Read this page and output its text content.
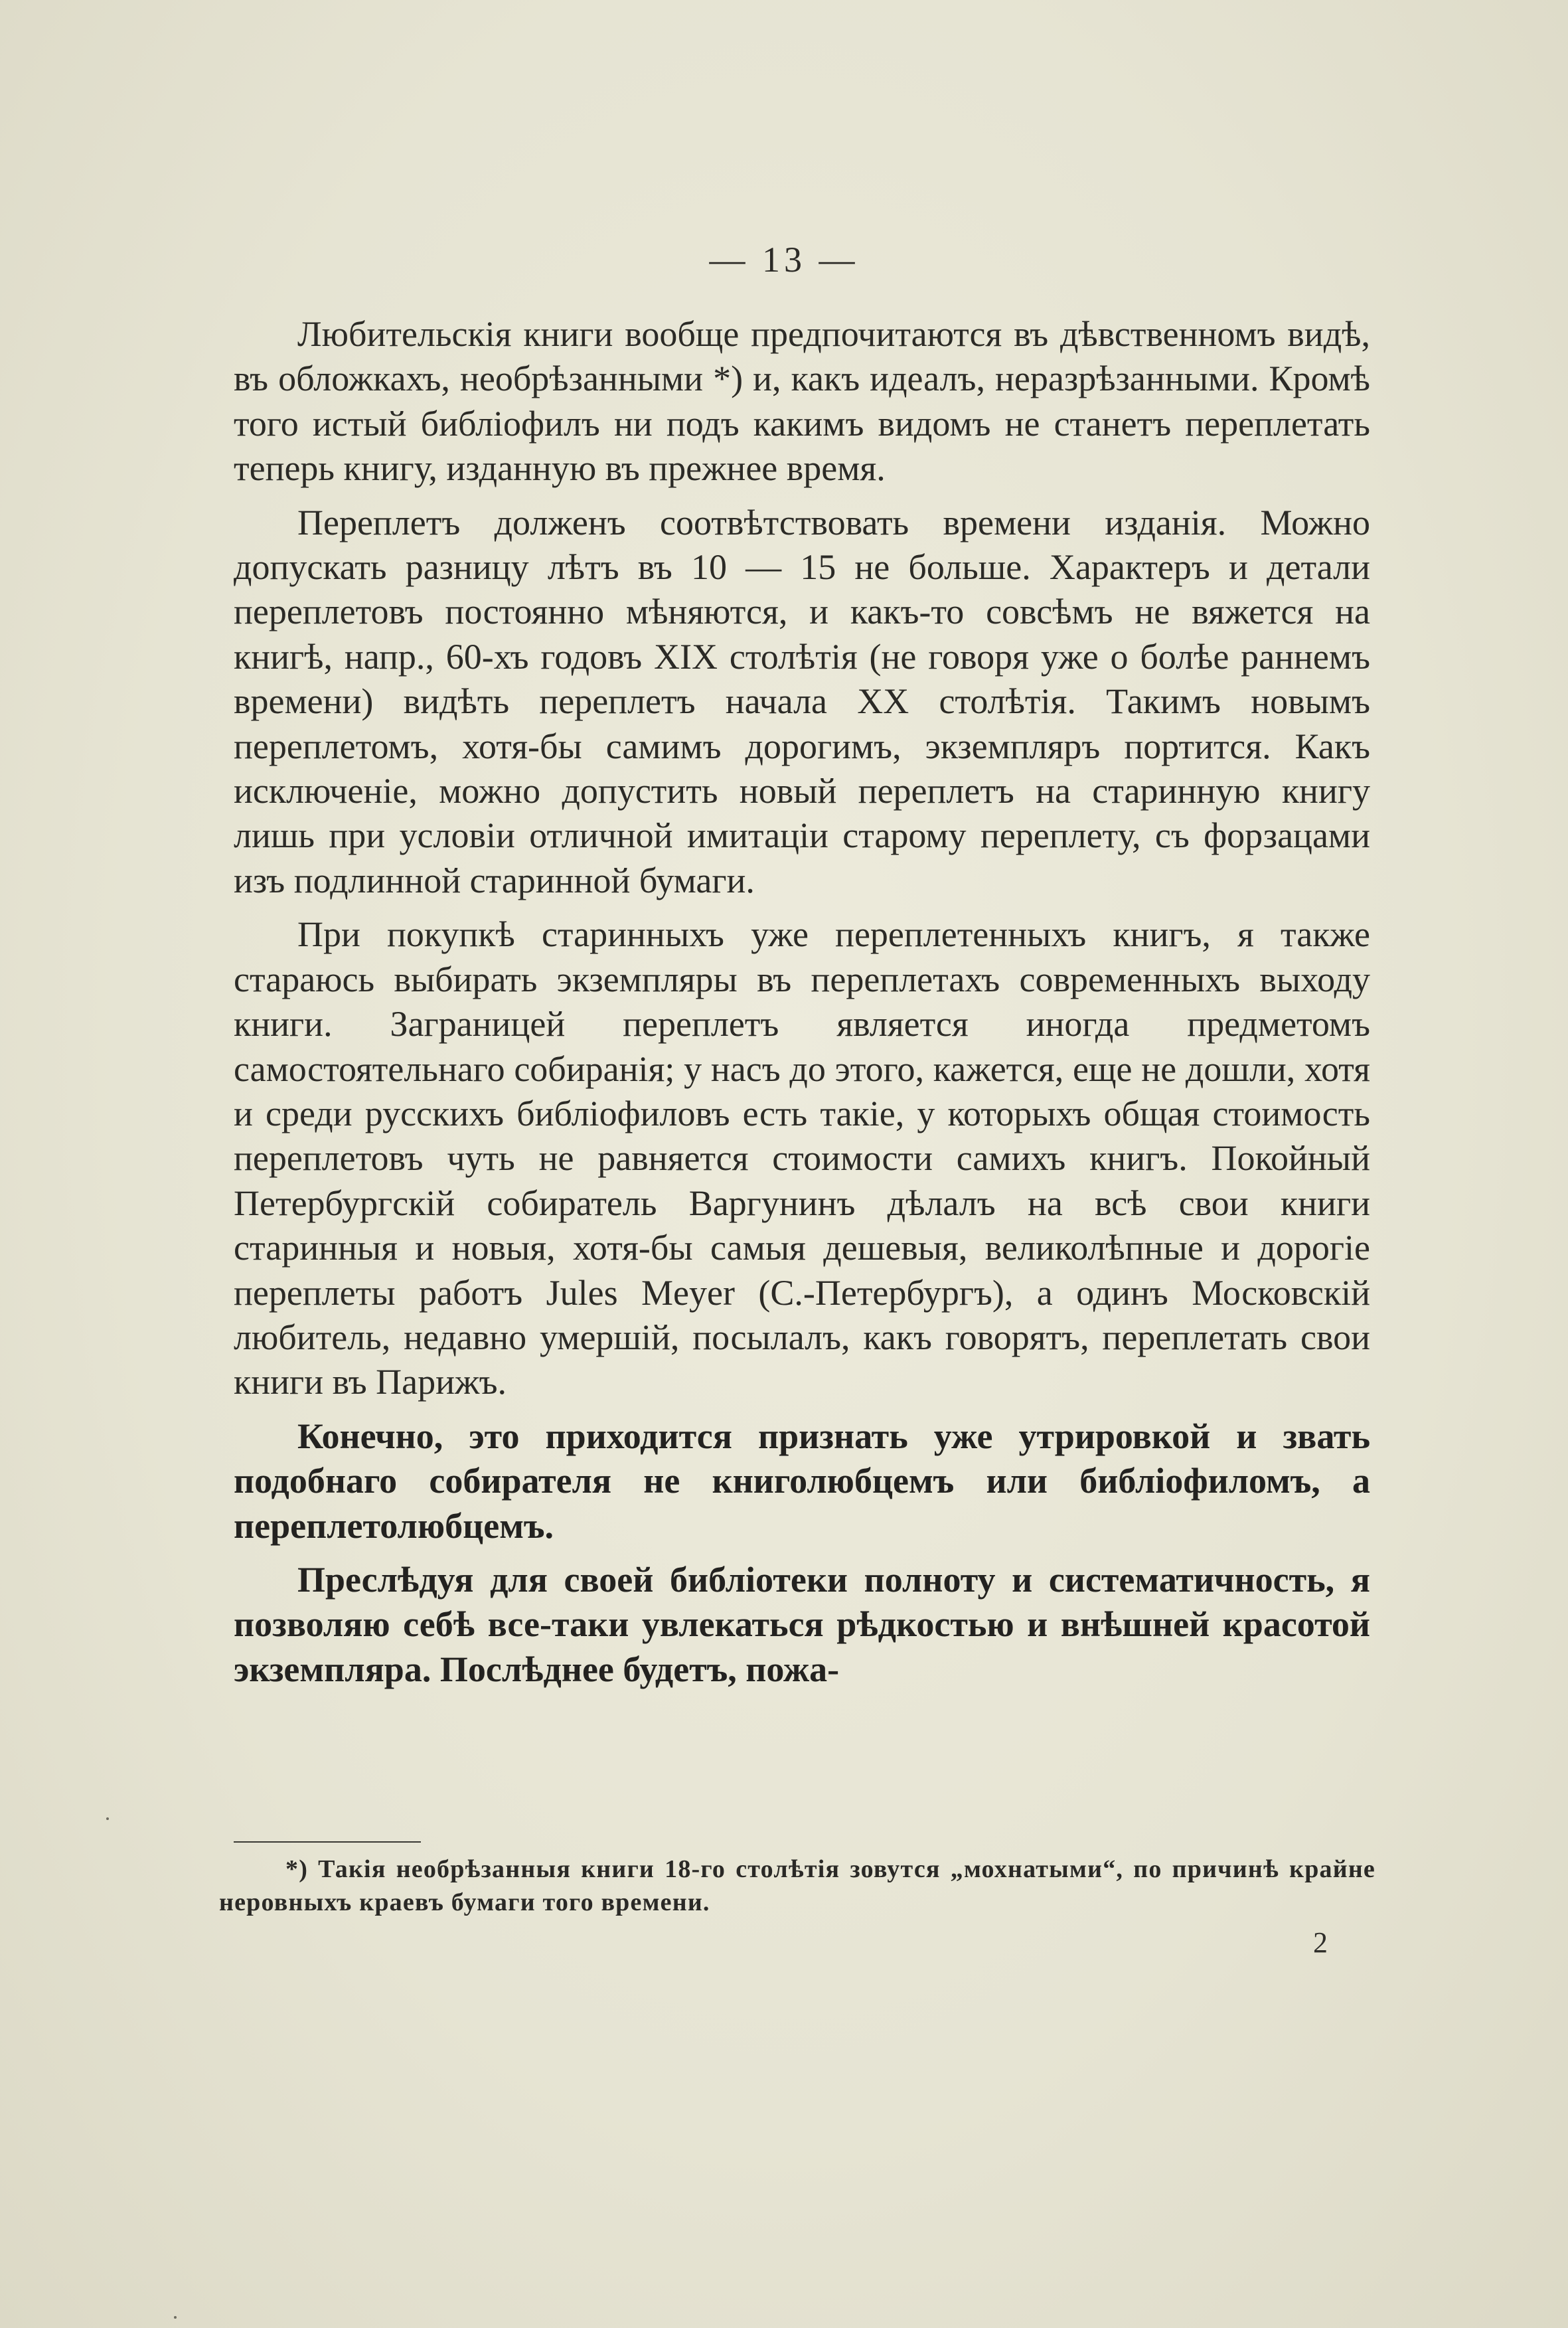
— 13 —

Любительскія книги вообще предпочитаются въ дѣвственномъ видѣ, въ обложкахъ, необрѣзанными *) и, какъ идеалъ, неразрѣзанными. Кромѣ того истый библіофилъ ни подъ какимъ видомъ не станетъ переплетать теперь книгу, изданную въ прежнее время.

Переплетъ долженъ соотвѣтствовать времени изданія. Можно допускать разницу лѣтъ въ 10 — 15 не больше. Характеръ и детали переплетовъ постоянно мѣняются, и какъ-то совсѣмъ не вяжется на книгѣ, напр., 60-хъ годовъ XIX столѣтія (не говоря уже о болѣе раннемъ времени) видѣть переплетъ начала XX столѣтія. Такимъ новымъ переплетомъ, хотя-бы самимъ дорогимъ, экземпляръ портится. Какъ исключеніе, можно допустить новый переплетъ на старинную книгу лишь при условіи отличной имитаціи старому переплету, съ форзацами изъ подлинной старинной бумаги.

При покупкѣ старинныхъ уже переплетенныхъ книгъ, я также стараюсь выбирать экземпляры въ переплетахъ современныхъ выходу книги. Заграницей переплетъ является иногда предметомъ самостоятельнаго собиранія; у насъ до этого, кажется, еще не дошли, хотя и среди русскихъ библіофиловъ есть такіе, у которыхъ общая стоимость переплетовъ чуть не равняется стоимости самихъ книгъ. Покойный Петербургскій собиратель Варгунинъ дѣлалъ на всѣ свои книги старинныя и новыя, хотя-бы самыя дешевыя, великолѣпные и дорогіе переплеты работъ Jules Meyer (С.-Петербургъ), а одинъ Московскій любитель, недавно умершій, посылалъ, какъ говорятъ, переплетать свои книги въ Парижъ.

Конечно, это приходится признать уже утрировкой и звать подобнаго собирателя не книголюбцемъ или библіофиломъ, а переплетолюбцемъ.

Преслѣдуя для своей библіотеки полноту и систематичность, я позволяю себѣ все-таки увлекаться рѣдкостью и внѣшней красотой экземпляра. Послѣднее будетъ, пожа-

*) Такія необрѣзанныя книги 18-го столѣтія зовутся „мохнатыми“, по причинѣ крайне неровныхъ краевъ бумаги того времени.
2
